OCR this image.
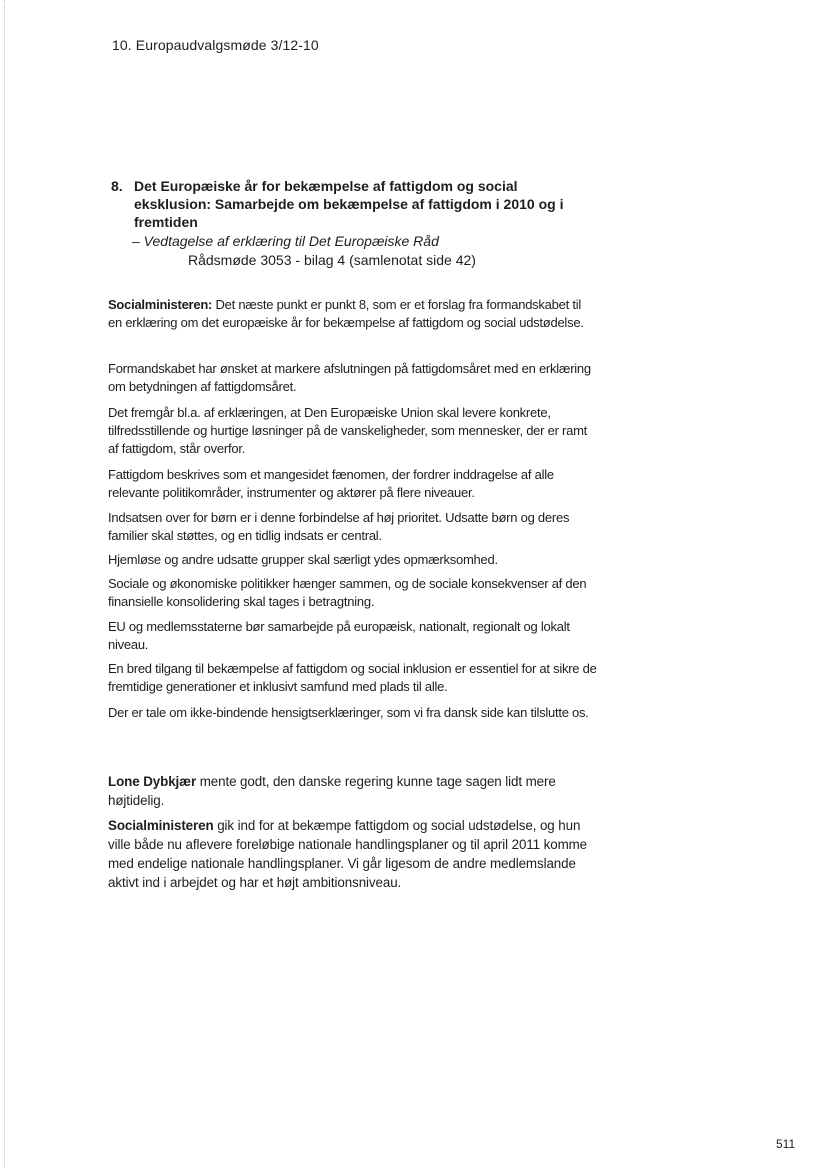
10. Europaudvalgsmøde 3/12-10
8. Det Europæiske år for bekæmpelse af fattigdom og social eksklusion: Samarbejde om bekæmpelse af fattigdom i 2010 og i fremtiden
– Vedtagelse af erklæring til Det Europæiske Råd
Rådsmøde 3053 - bilag 4 (samlenotat side 42)

Socialministeren: Det næste punkt er punkt 8, som er et forslag fra formandskabet til en erklæring om det europæiske år for bekæmpelse af fattigdom og social udstødelse.

Formandskabet har ønsket at markere afslutningen på fattigdomsåret med en erklæring om betydningen af fattigdomsåret.

Det fremgår bl.a. af erklæringen, at Den Europæiske Union skal levere konkrete, tilfredsstillende og hurtige løsninger på de vanskeligheder, som mennesker, der er ramt af fattigdom, står overfor.

Fattigdom beskrives som et mangesidet fænomen, der fordrer inddragelse af alle relevante politikområder, instrumenter og aktører på flere niveauer.

Indsatsen over for børn er i denne forbindelse af høj prioritet. Udsatte børn og deres familier skal støttes, og en tidlig indsats er central.

Hjemløse og andre udsatte grupper skal særligt ydes opmærksomhed.

Sociale og økonomiske politikker hænger sammen, og de sociale konsekvenser af den finansielle konsolidering skal tages i betragtning.

EU og medlemsstaterne bør samarbejde på europæisk, nationalt, regionalt og lokalt niveau.

En bred tilgang til bekæmpelse af fattigdom og social inklusion er essentiel for at sikre de fremtidige generationer et inklusivt samfund med plads til alle.

Der er tale om ikke-bindende hensigtserklæringer, som vi fra dansk side kan tilslutte os.

Lone Dybkjær mente godt, den danske regering kunne tage sagen lidt mere højtidelig.

Socialministeren gik ind for at bekæmpe fattigdom og social udstødelse, og hun ville både nu aflevere foreløbige nationale handlingsplaner og til april 2011 komme med endelige nationale handlingsplaner. Vi går ligesom de andre medlemslande aktivt ind i arbejdet og har et højt ambitionsniveau.

511
